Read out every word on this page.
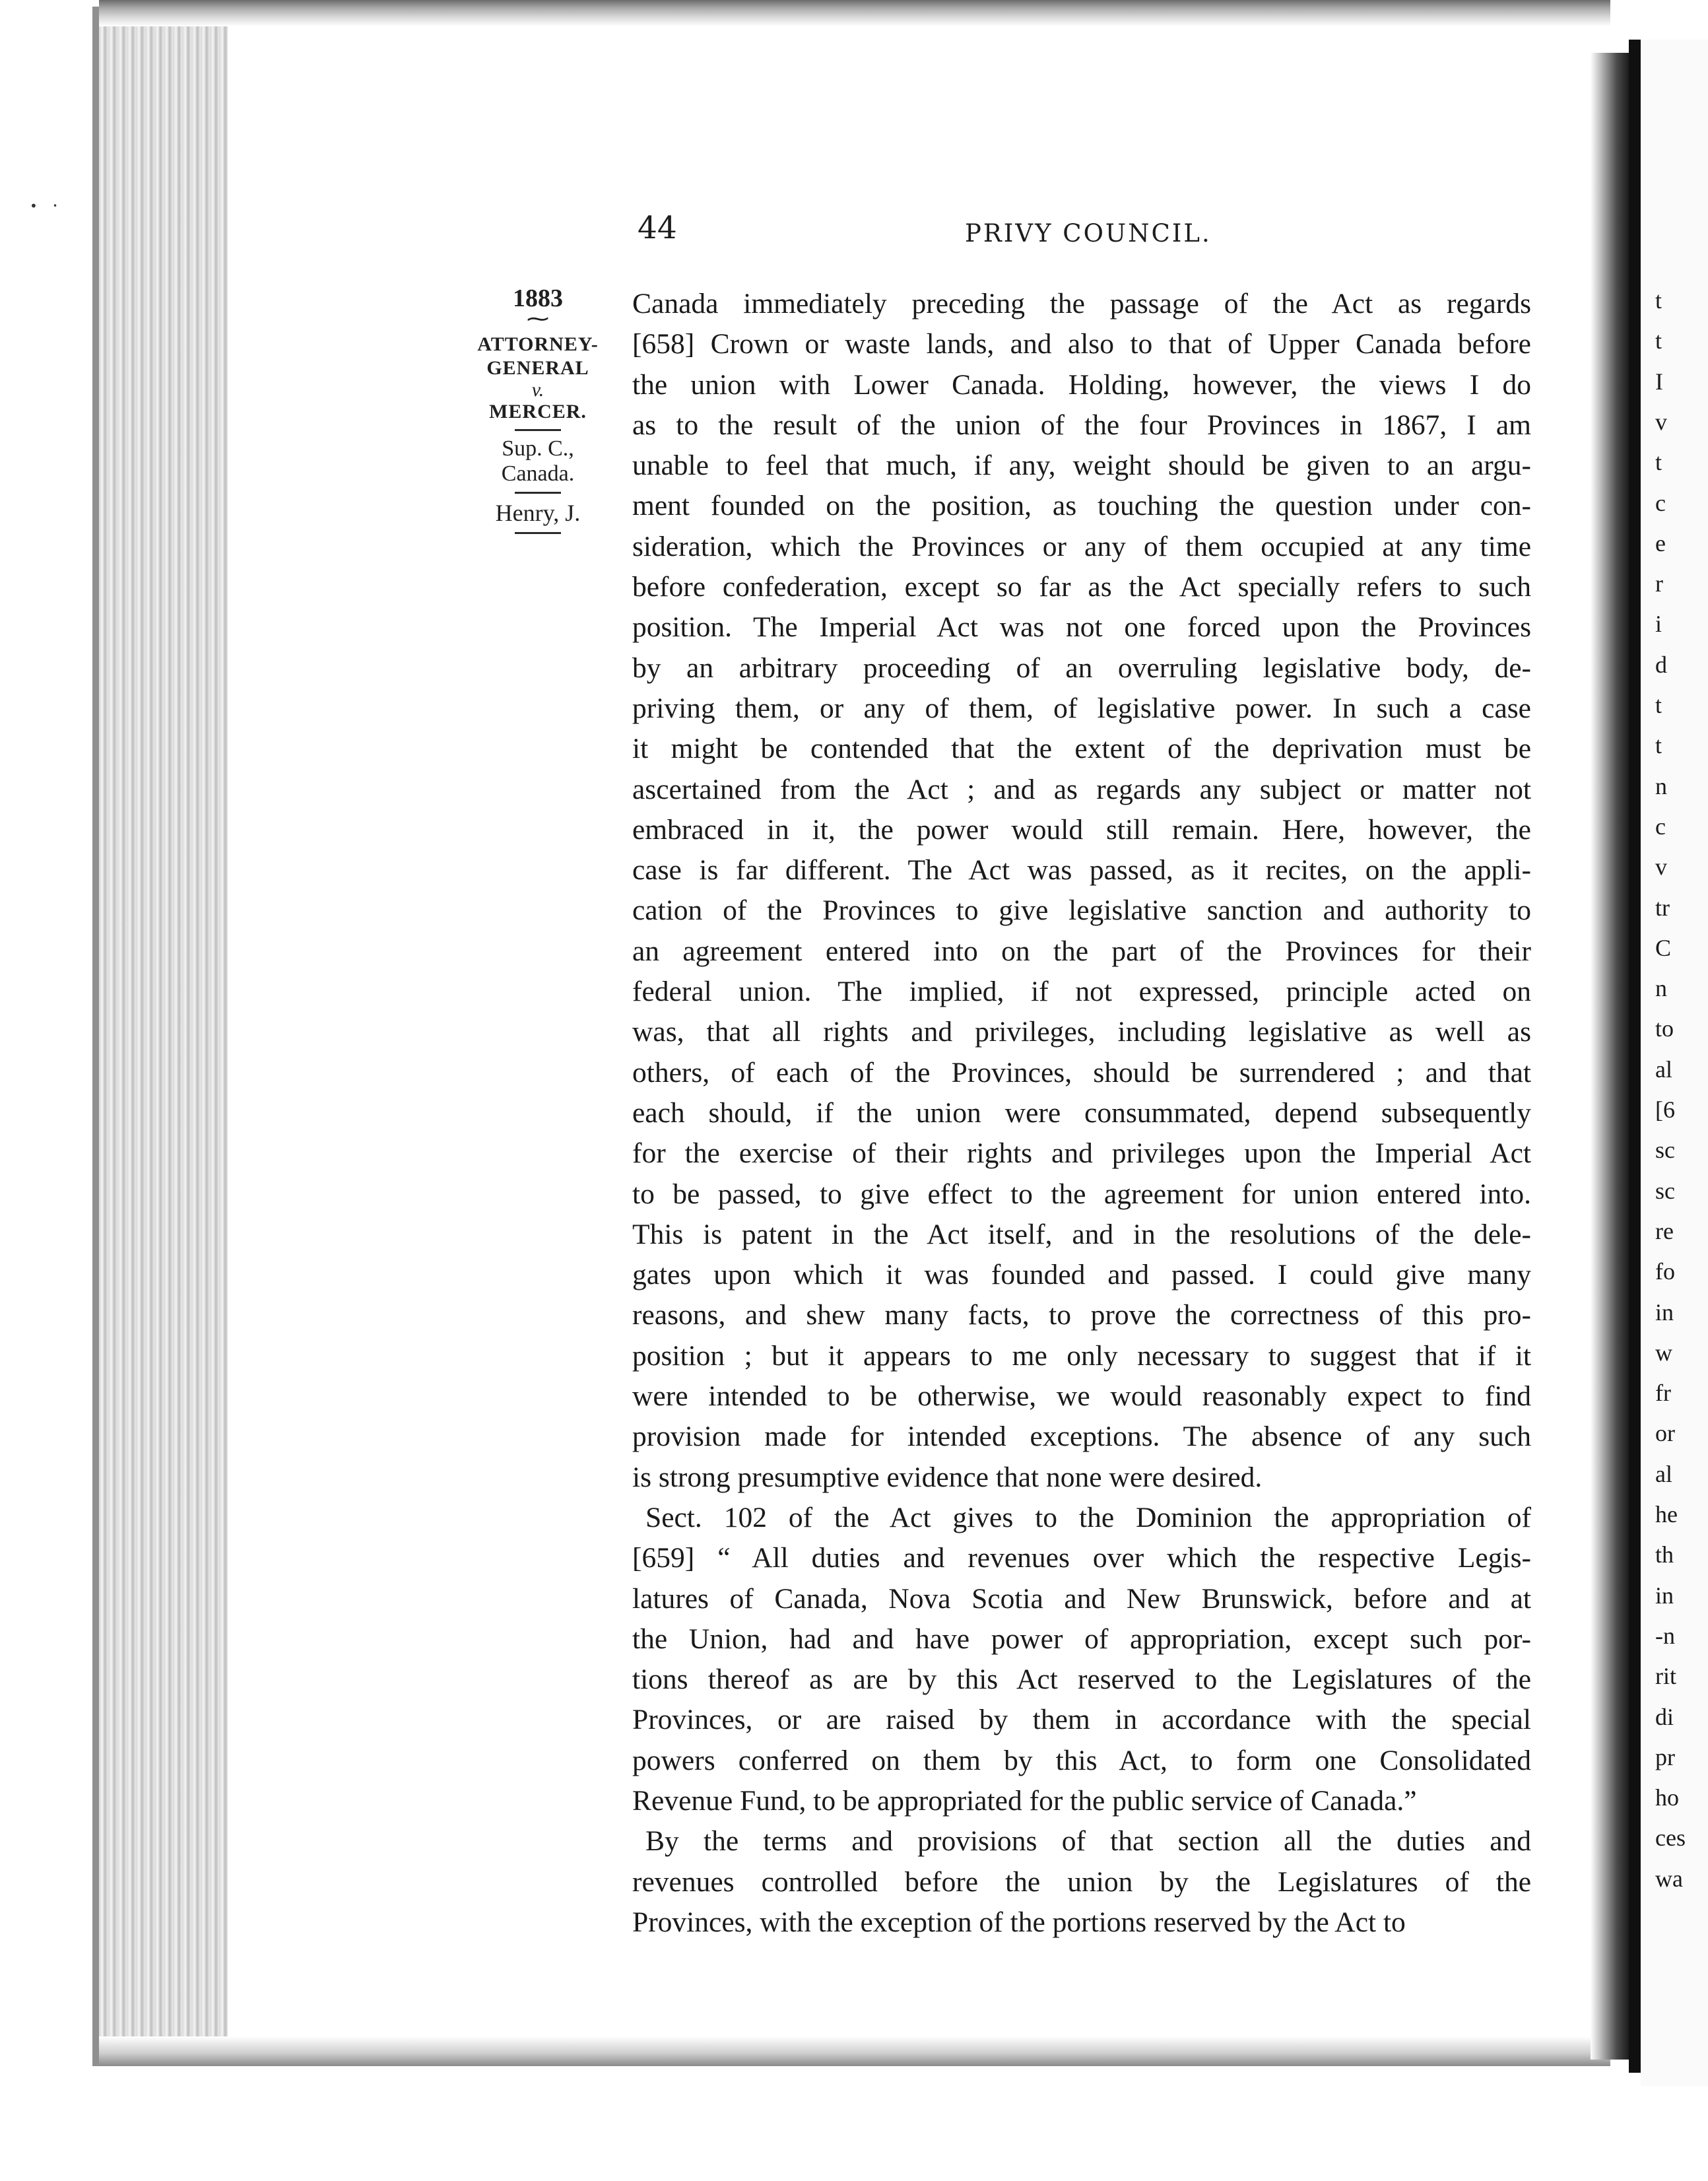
t
t
I
v
t
c
e
r
i
d
t
t
n
c
v
tr
C
n
to
al
[6
sc
sc
re
fo
in
w
fr
or
al
he
th
in
-n
rit
di
pr
ho
ces
wa
• •
44	PRIVY COUNCIL.
1883
⁓
ATTORNEY-
GENERAL
v.
MERCER.
Sup. C.,
Canada.
Henry, J.

Canada immediately preceding the passage of the Act as regards
[658] Crown or waste lands, and also to that of Upper Canada before
the union with Lower Canada. Holding, however, the views I do
as to the result of the union of the four Provinces in 1867, I am
unable to feel that much, if any, weight should be given to an argu-
ment founded on the position, as touching the question under con-
sideration, which the Provinces or any of them occupied at any time
before confederation, except so far as the Act specially refers to such
position. The Imperial Act was not one forced upon the Provinces
by an arbitrary proceeding of an overruling legislative body, de-
priving them, or any of them, of legislative power. In such a case
it might be contended that the extent of the deprivation must be
ascertained from the Act ; and as regards any subject or matter not
embraced in it, the power would still remain. Here, however, the
case is far different. The Act was passed, as it recites, on the appli-
cation of the Provinces to give legislative sanction and authority to
an agreement entered into on the part of the Provinces for their
federal union. The implied, if not expressed, principle acted on
was, that all rights and privileges, including legislative as well as
others, of each of the Provinces, should be surrendered ; and that
each should, if the union were consummated, depend subsequently
for the exercise of their rights and privileges upon the Imperial Act
to be passed, to give effect to the agreement for union entered into.
This is patent in the Act itself, and in the resolutions of the dele-
gates upon which it was founded and passed. I could give many
reasons, and shew many facts, to prove the correctness of this pro-
position ; but it appears to me only necessary to suggest that if it
were intended to be otherwise, we would reasonably expect to find
provision made for intended exceptions. The absence of any such
is strong presumptive evidence that none were desired.

Sect. 102 of the Act gives to the Dominion the appropriation of
[659] “ All duties and revenues over which the respective Legis-
latures of Canada, Nova Scotia and New Brunswick, before and at
the Union, had and have power of appropriation, except such por-
tions thereof as are by this Act reserved to the Legislatures of the
Provinces, or are raised by them in accordance with the special
powers conferred on them by this Act, to form one Consolidated
Revenue Fund, to be appropriated for the public service of Canada.”

By the terms and provisions of that section all the duties and
revenues controlled before the union by the Legislatures of the
Provinces, with the exception of the portions reserved by the Act to
